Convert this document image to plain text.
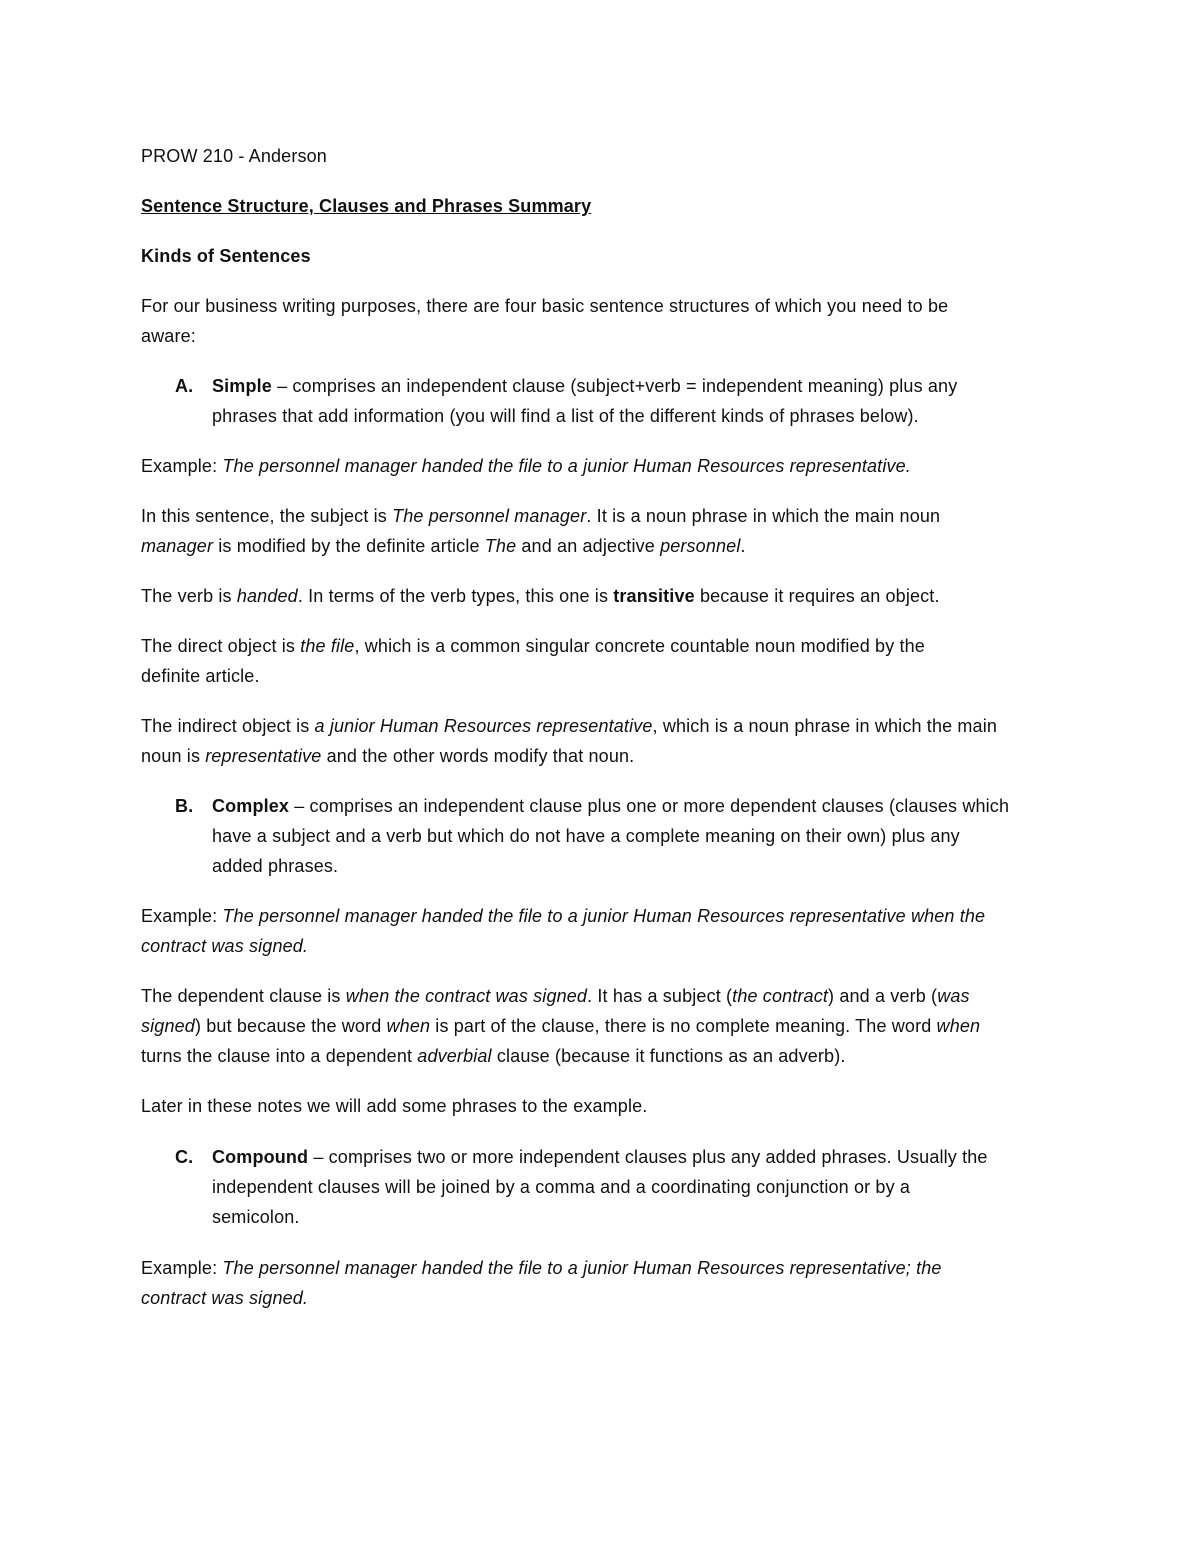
PROW 210 - Anderson

Sentence Structure, Clauses and Phrases Summary

Kinds of Sentences

For our business writing purposes, there are four basic sentence structures of which you need to be

aware:

A. Simple – comprises an independent clause (subject+verb = independent meaning) plus any

phrases that add information (you will find a list of the different kinds of phrases below).

Example: The personnel manager handed the file to a junior Human Resources representative.

In this sentence, the subject is The personnel manager. It is a noun phrase in which the main noun

manager is modified by the definite article The and an adjective personnel.

The verb is handed. In terms of the verb types, this one is transitive because it requires an object.

The direct object is the file, which is a common singular concrete countable noun modified by the

definite article.

The indirect object is a junior Human Resources representative, which is a noun phrase in which the main

noun is representative and the other words modify that noun.

B. Complex – comprises an independent clause plus one or more dependent clauses (clauses which

have a subject and a verb but which do not have a complete meaning on their own) plus any

added phrases.

Example: The personnel manager handed the file to a junior Human Resources representative when the

contract was signed.

The dependent clause is when the contract was signed. It has a subject (the contract) and a verb (was

signed) but because the word when is part of the clause, there is no complete meaning. The word when

turns the clause into a dependent adverbial clause (because it functions as an adverb).

Later in these notes we will add some phrases to the example.

C. Compound – comprises two or more independent clauses plus any added phrases. Usually the

independent clauses will be joined by a comma and a coordinating conjunction or by a

semicolon.

Example: The personnel manager handed the file to a junior Human Resources representative; the

contract was signed.
